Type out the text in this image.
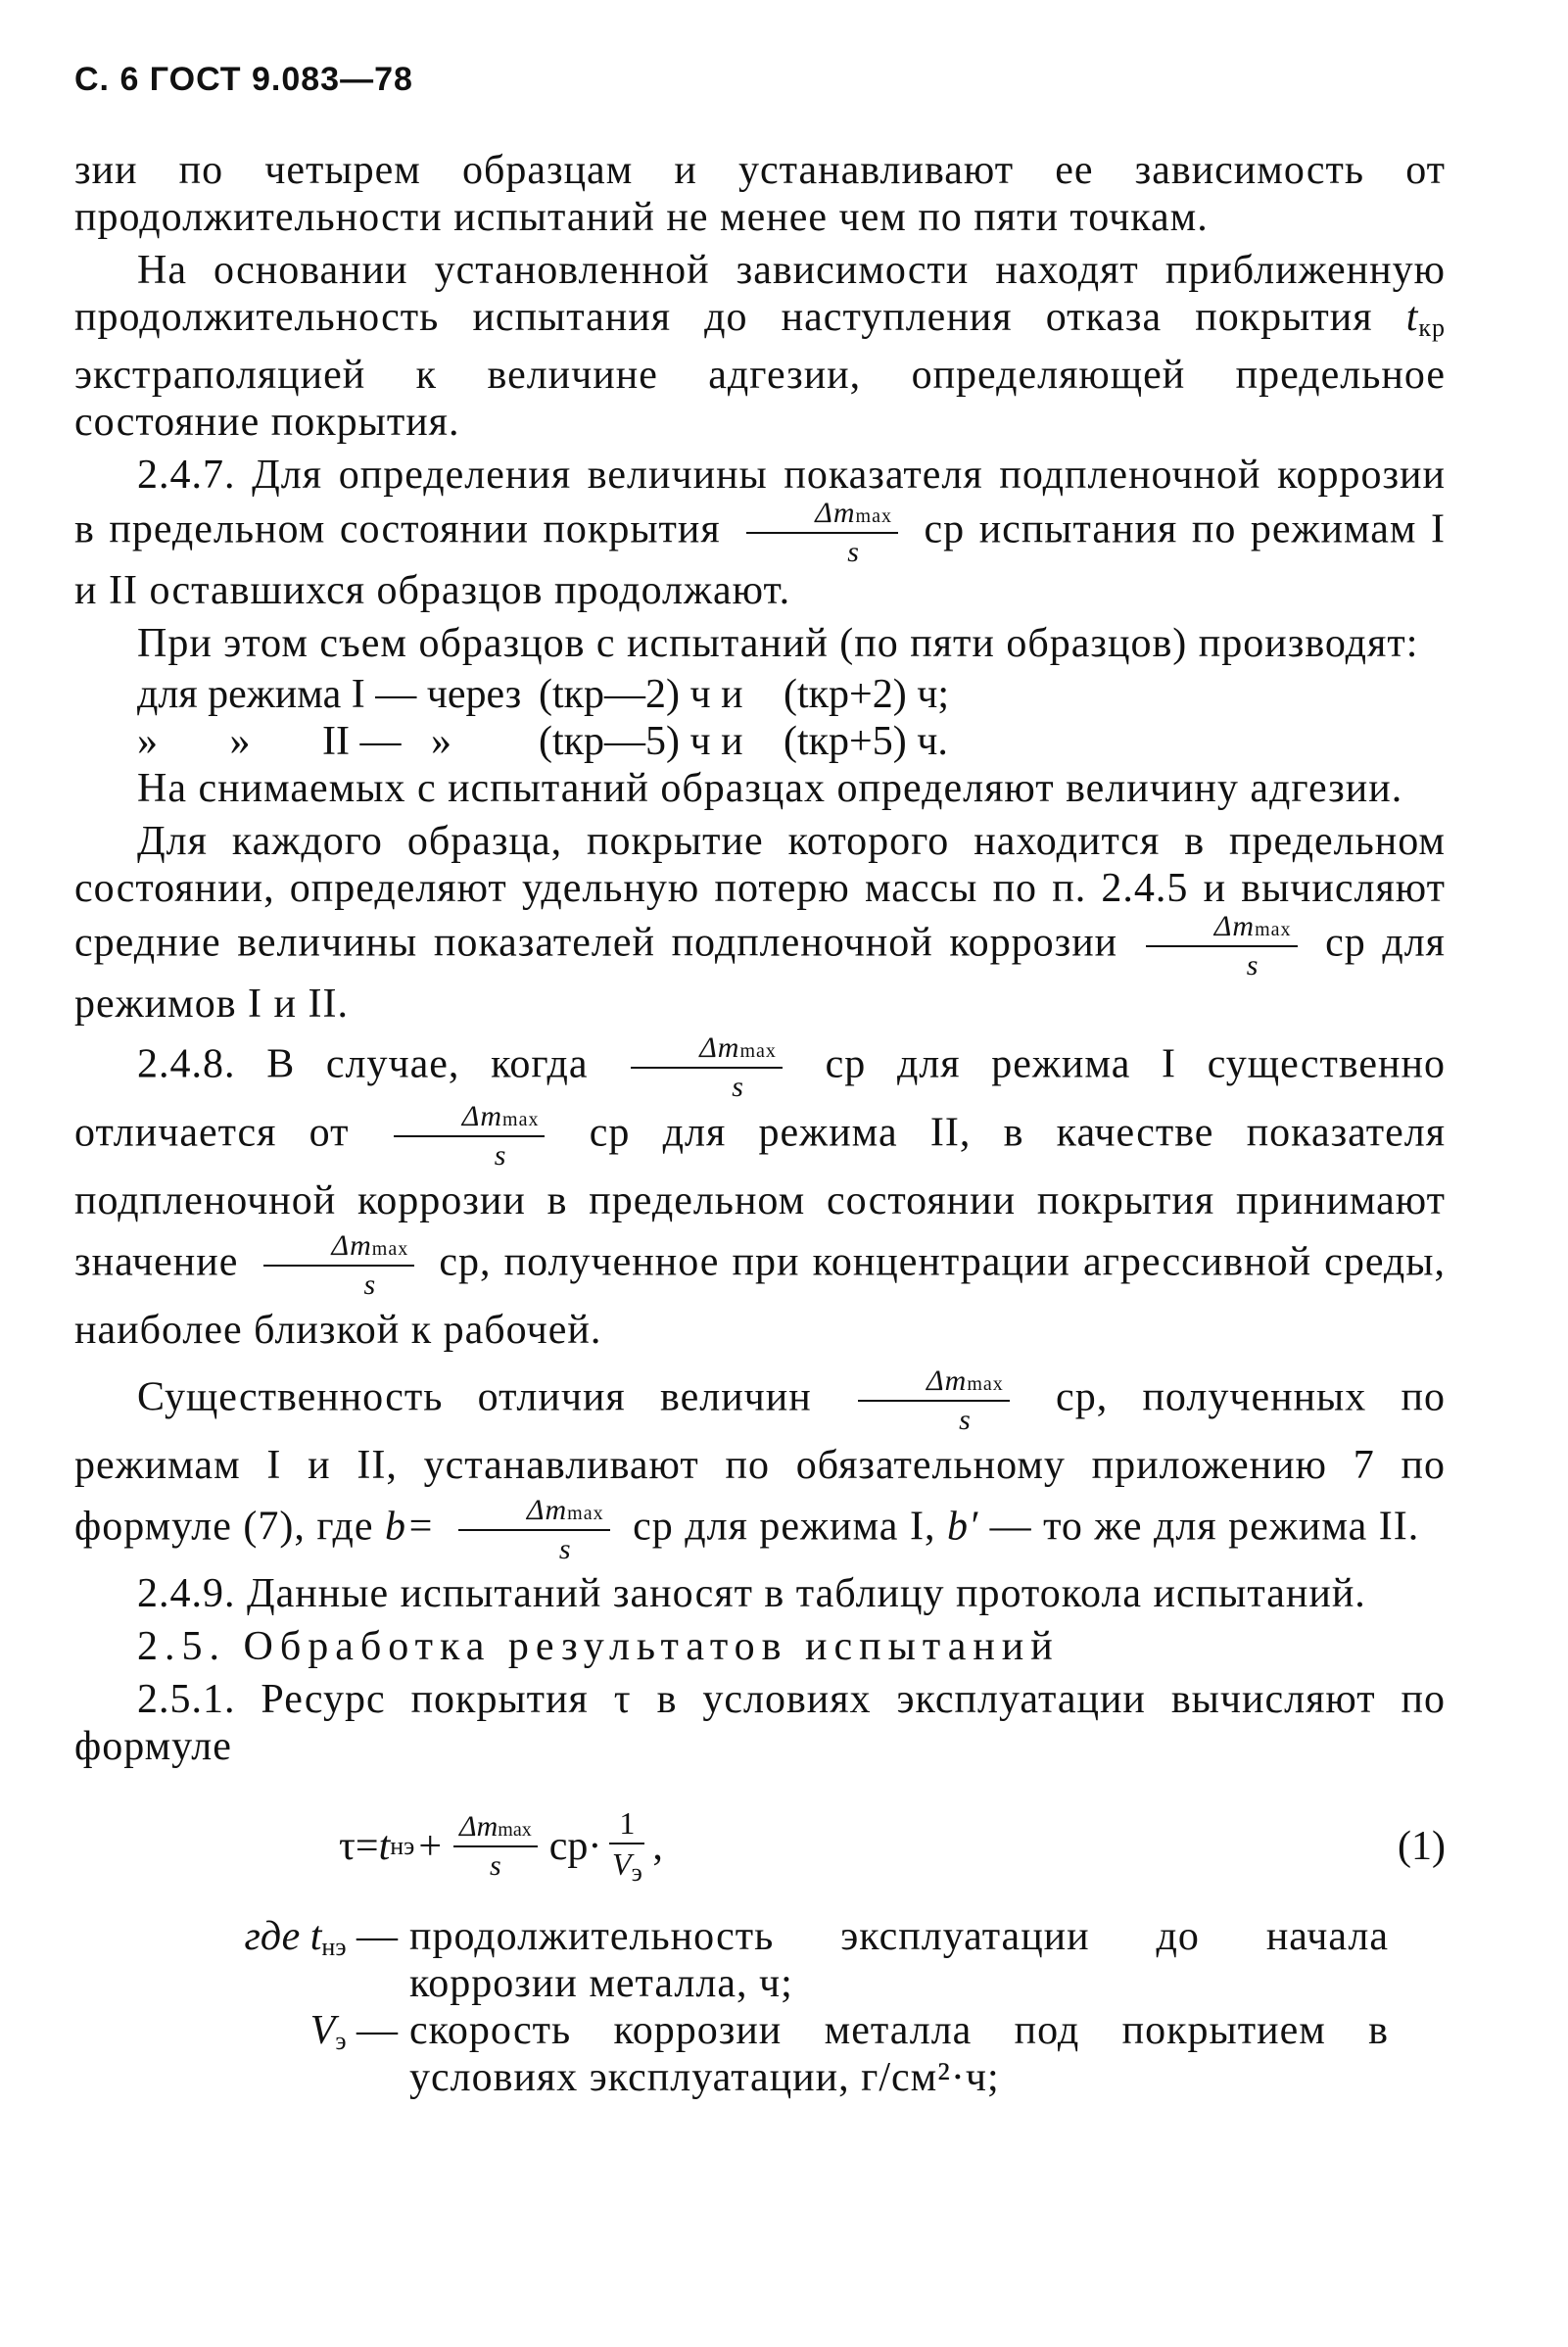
С. 6 ГОСТ 9.083—78

зии по четырем образцам и устанавливают ее зависимость от продолжительности испытаний не менее чем по пяти точкам.

На основании установленной зависимости находят приближенную продолжительность испытания до наступления отказа покрытия $t_{кр}$ экстраполяцией к величине адгезии, определяющей предельное состояние покрытия.

2.4.7. Для определения величины показателя подпленочной коррозии в предельном состоянии покрытия $\frac{\Delta mmax}{s}$ ср испытания по режимам I и II оставшихся образцов продолжают.

При этом съем образцов с испытаний (по пяти образцов) производят:

для режима I — через (tкр—2) ч и (tкр+2) ч;
»       »       II — »	(tкр—5) ч и (tкр+5) ч.

На снимаемых с испытаний образцах определяют величину адгезии.

Для каждого образца, покрытие которого находится в предельном состоянии, определяют удельную потерю массы по п. 2.4.5 и вычисляют средние величины показателей подпленочной коррозии $\frac{\Delta mmax}{s}$ ср для режимов I и II.

2.4.8. В случае, когда $\frac{\Delta mmax}{s}$ ср для режима I существенно отличается от $\frac{\Delta mmax}{s}$ ср для режима II, в качестве показателя подпленочной коррозии в предельном состоянии покрытия принимают значение $\frac{\Delta mmax}{s}$ ср, полученное при концентрации агрессивной среды, наиболее близкой к рабочей.

Существенность отличия величин $\frac{\Delta mmax}{s}$ ср, полученных по режимам I и II, устанавливают по обязательному приложению 7 по формуле (7), где $b= \frac{\Delta mmax}{s}$ ср для режима I, b′ — то же для режима II.

2.4.9. Данные испытаний заносят в таблицу протокола испытаний.

2.5. Обработка результатов испытаний

2.5.1. Ресурс покрытия τ в условиях эксплуатации вычисляют по формуле

τ= t нэ + $\frac{\Delta mmax}{s} ср\cdot \frac{1}{V_э}$ ,	(1)
где $t_{нэ}$ — продолжительность эксплуатации до начала коррозии металла, ч;
$V_э$ — скорость коррозии металла под покрытием в условиях эксплуатации, г/см²·ч;
